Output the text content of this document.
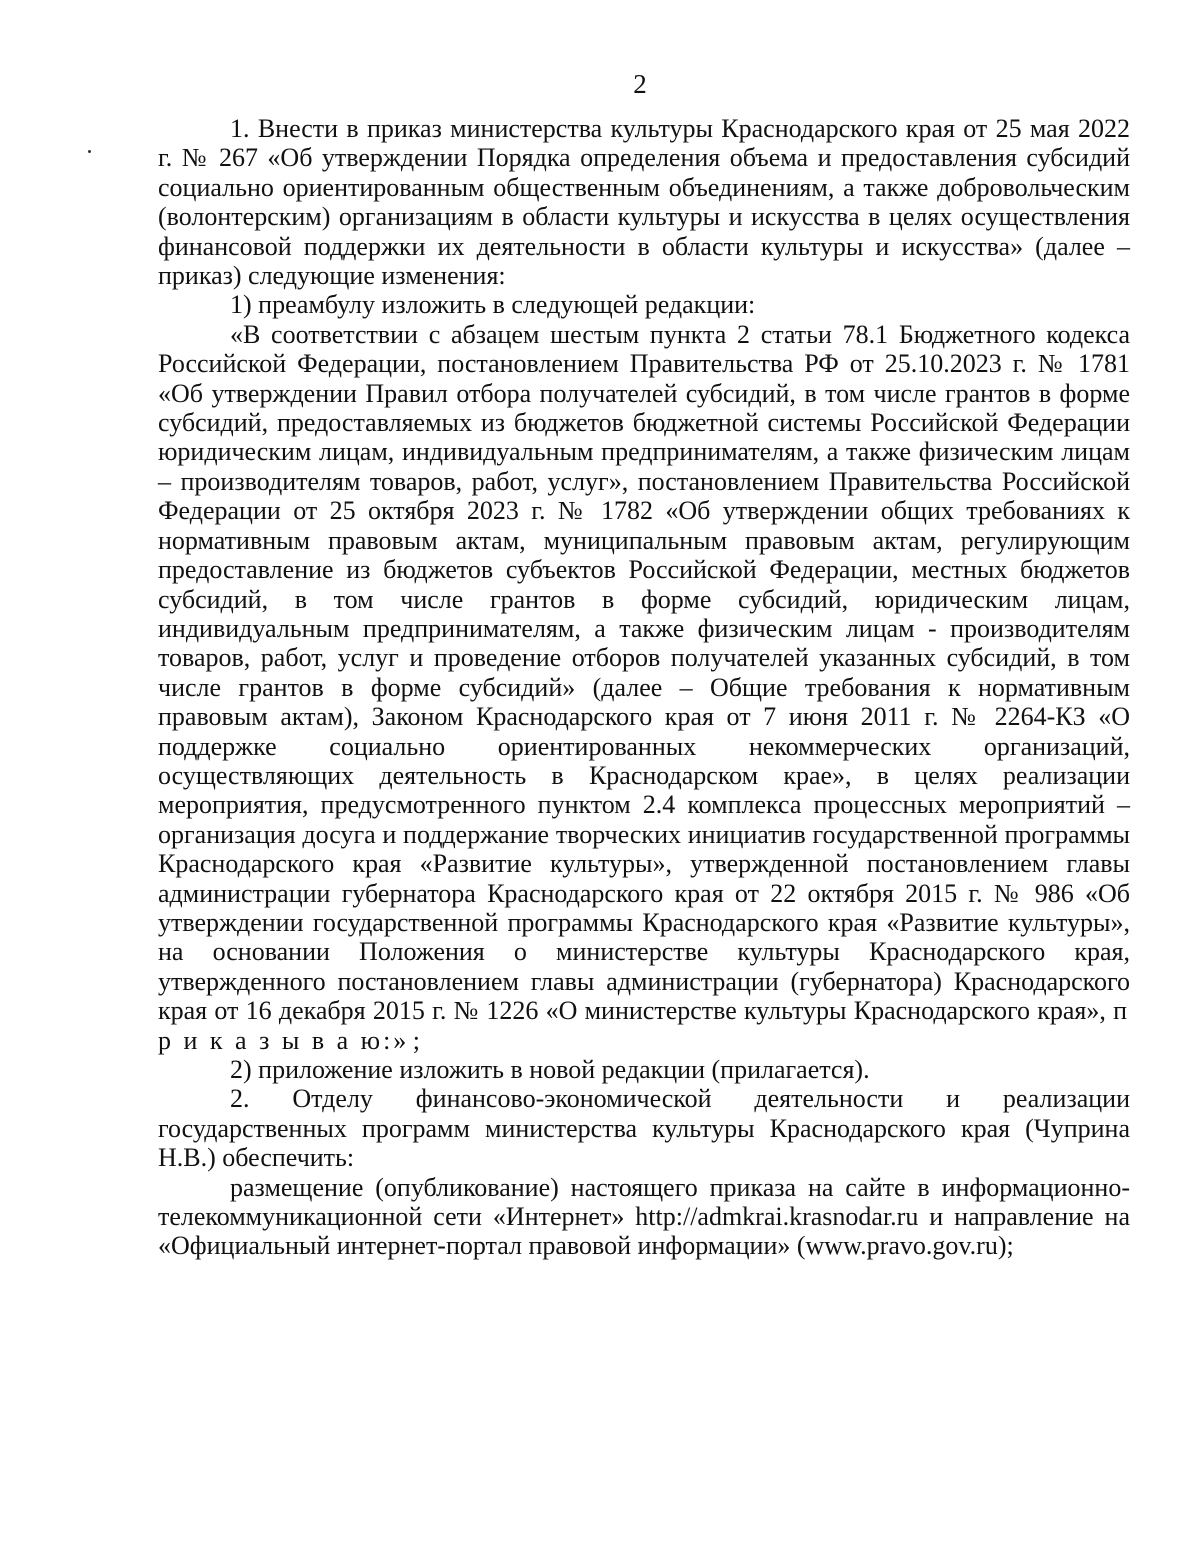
2

1. Внести в приказ министерства культуры Краснодарского края от 25 мая 2022 г. № 267 «Об утверждении Порядка определения объема и предоставления субсидий социально ориентированным общественным объединениям, а также добровольческим (волонтерским) организациям в области культуры и искусства в целях осуществления финансовой поддержки их деятельности в области культуры и искусства» (далее – приказ) следующие изменения:

1) преамбулу изложить в следующей редакции:

«В соответствии с абзацем шестым пункта 2 статьи 78.1 Бюджетного кодекса Российской Федерации, постановлением Правительства РФ от 25.10.2023 г. № 1781 «Об утверждении Правил отбора получателей субсидий, в том числе грантов в форме субсидий, предоставляемых из бюджетов бюджетной системы Российской Федерации юридическим лицам, индивидуальным предпринимателям, а также физическим лицам – производителям товаров, работ, услуг», постановлением Правительства Российской Федерации от 25 октября 2023 г. № 1782 «Об утверждении общих требованиях к нормативным правовым актам, муниципальным правовым актам, регулирующим предоставление из бюджетов субъектов Российской Федерации, местных бюджетов субсидий, в том числе грантов в форме субсидий, юридическим лицам, индивидуальным предпринимателям, а также физическим лицам - производителям товаров, работ, услуг и проведение отборов получателей указанных субсидий, в том числе грантов в форме субсидий» (далее – Общие требования к нормативным правовым актам), Законом Краснодарского края от 7 июня 2011 г. № 2264-КЗ «О поддержке социально ориентированных некоммерческих организаций, осуществляющих деятельность в Краснодарском крае», в целях реализации мероприятия, предусмотренного пунктом 2.4 комплекса процессных мероприятий – организация досуга и поддержание творческих инициатив государственной программы Краснодарского края «Развитие культуры», утвержденной постановлением главы администрации губернатора Краснодарского края от 22 октября 2015 г. № 986 «Об утверждении государственной программы Краснодарского края «Развитие культуры», на основании Положения о министерстве культуры Краснодарского края, утвержденного постановлением главы администрации (губернатора) Краснодарского края от 16 декабря 2015 г. № 1226 «О министерстве культуры Краснодарского края», п р и к а з ы в а ю:» ;

2) приложение изложить в новой редакции (прилагается).

2. Отделу финансово-экономической деятельности и реализации государственных программ министерства культуры Краснодарского края (Чуприна Н.В.) обеспечить:

размещение (опубликование) настоящего приказа на сайте в информационно-телекоммуникационной сети «Интернет» http://admkrai.krasnodar.ru и направление на «Официальный интернет-портал правовой информации» (www.pravo.gov.ru);
